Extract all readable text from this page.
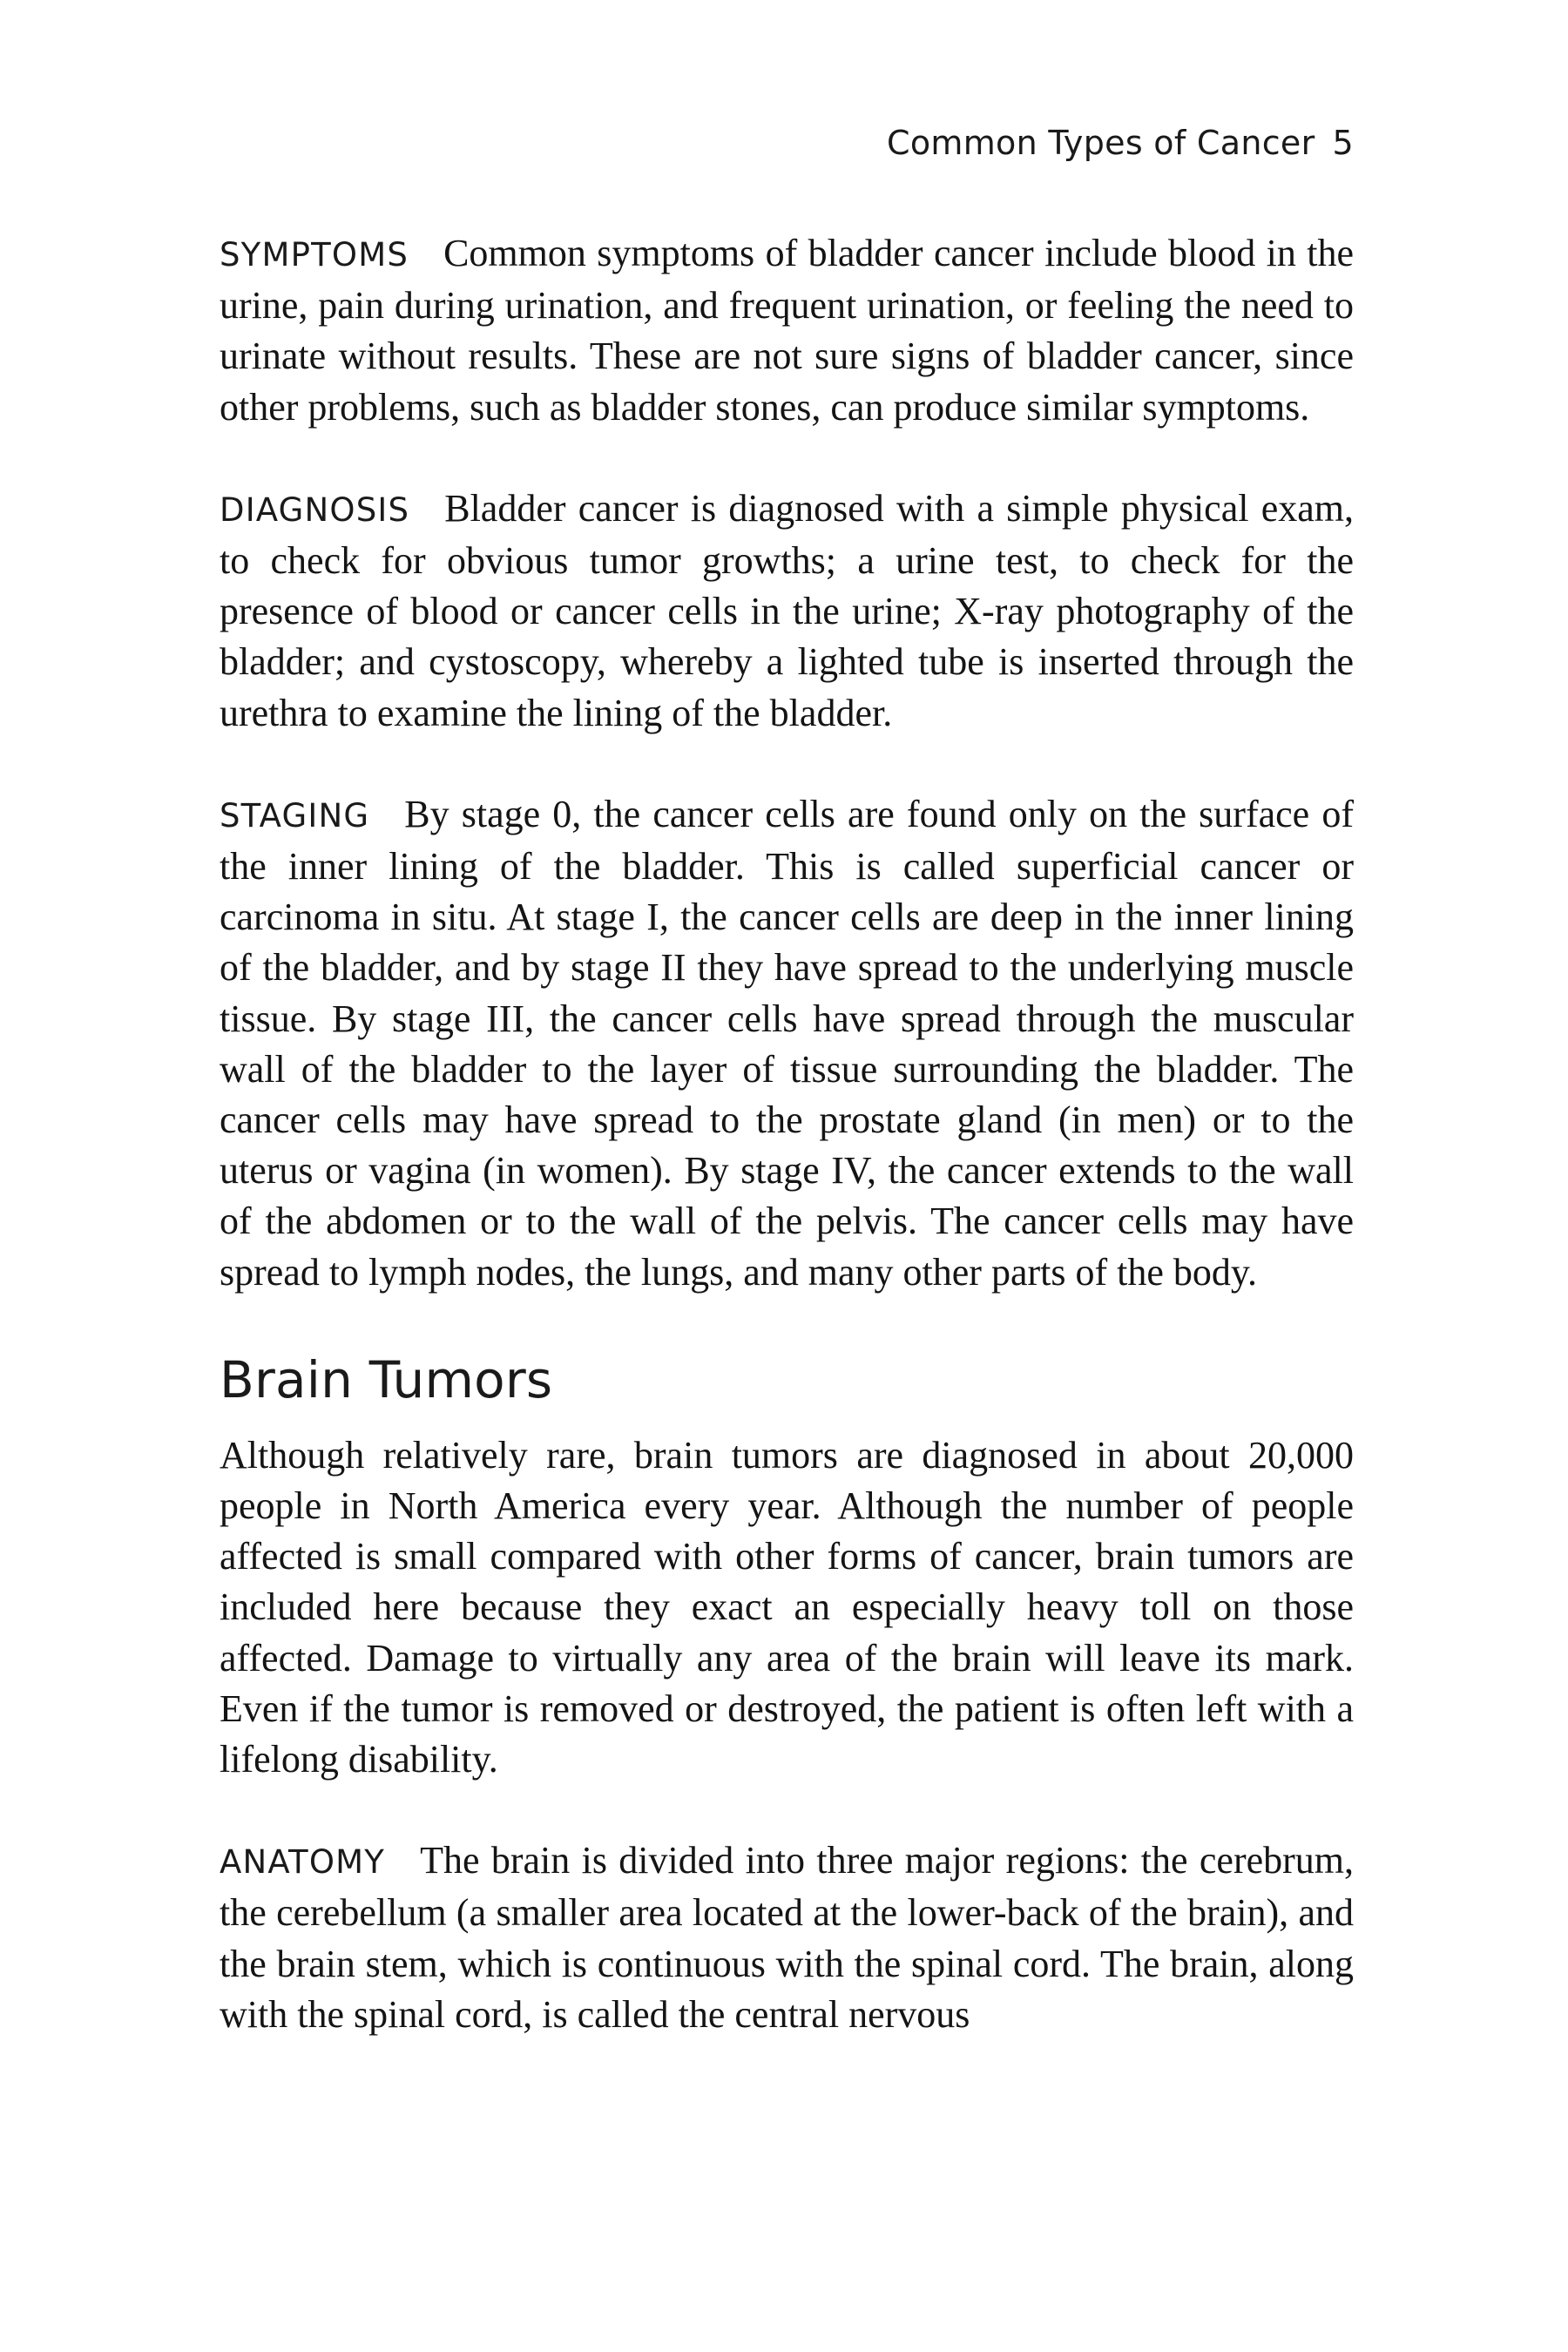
Common Types of Cancer 5

SYMPTOMS Common symptoms of bladder cancer include blood in the urine, pain during urination, and frequent urination, or feeling the need to urinate without results. These are not sure signs of bladder cancer, since other problems, such as bladder stones, can produce similar symptoms.

DIAGNOSIS Bladder cancer is diagnosed with a simple physical exam, to check for obvious tumor growths; a urine test, to check for the presence of blood or cancer cells in the urine; X-ray photography of the bladder; and cystoscopy, whereby a lighted tube is inserted through the urethra to examine the lining of the bladder.

STAGING By stage 0, the cancer cells are found only on the surface of the inner lining of the bladder. This is called superficial cancer or carcinoma in situ. At stage I, the cancer cells are deep in the inner lining of the bladder, and by stage II they have spread to the underlying muscle tissue. By stage III, the cancer cells have spread through the muscular wall of the bladder to the layer of tissue surrounding the bladder. The cancer cells may have spread to the prostate gland (in men) or to the uterus or vagina (in women). By stage IV, the cancer extends to the wall of the abdomen or to the wall of the pelvis. The cancer cells may have spread to lymph nodes, the lungs, and many other parts of the body.

Brain Tumors

Although relatively rare, brain tumors are diagnosed in about 20,000 people in North America every year. Although the number of people affected is small compared with other forms of cancer, brain tumors are included here because they exact an especially heavy toll on those affected. Damage to virtually any area of the brain will leave its mark. Even if the tumor is removed or destroyed, the patient is often left with a lifelong disability.

ANATOMY The brain is divided into three major regions: the cerebrum, the cerebellum (a smaller area located at the lower-back of the brain), and the brain stem, which is continuous with the spinal cord. The brain, along with the spinal cord, is called the central nervous
